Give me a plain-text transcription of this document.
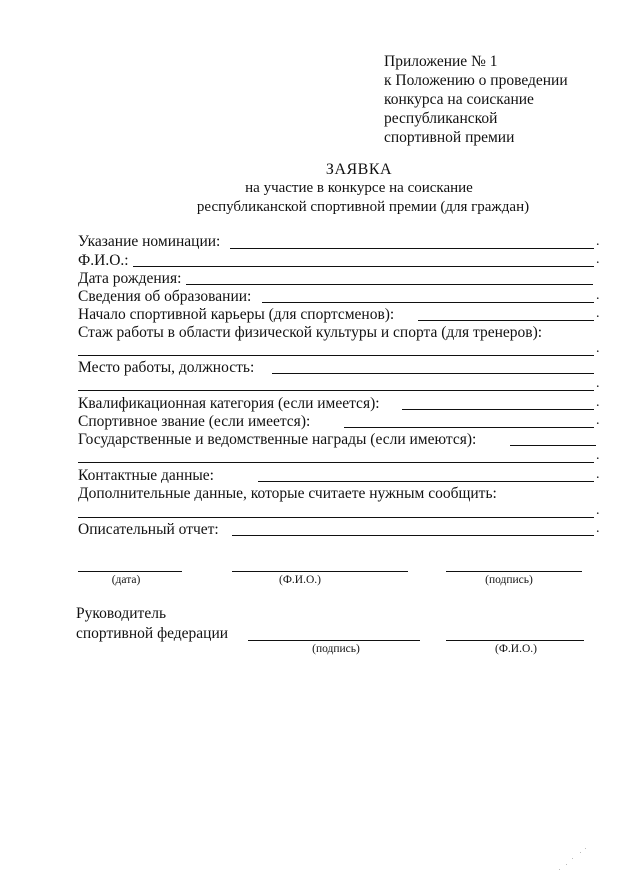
Приложение № 1
к Положению о проведении
конкурса на соискание
республиканской
спортивной премии
ЗАЯВКА
на участие в конкурсе на соискание
республиканской спортивной премии (для граждан)
Указание номинации:	.
Ф.И.О.:	.
Дата рождения:
Сведения об образовании:	.
Начало спортивной карьеры (для спортсменов):	.
Стаж работы в области физической культуры и спорта (для тренеров):
.
Место работы, должность:
.
Квалификационная категория (если имеется):	.
Спортивное звание (если имеется):	.
Государственные и ведомственные награды (если имеются):
.
Контактные данные:	.
Дополнительные данные, которые считаете нужным сообщить:
.
Описательный отчет:	.
(дата)	(Ф.И.О.)	(подпись)
Руководитель
спортивной федерации
(подпись)	(Ф.И.О.)
